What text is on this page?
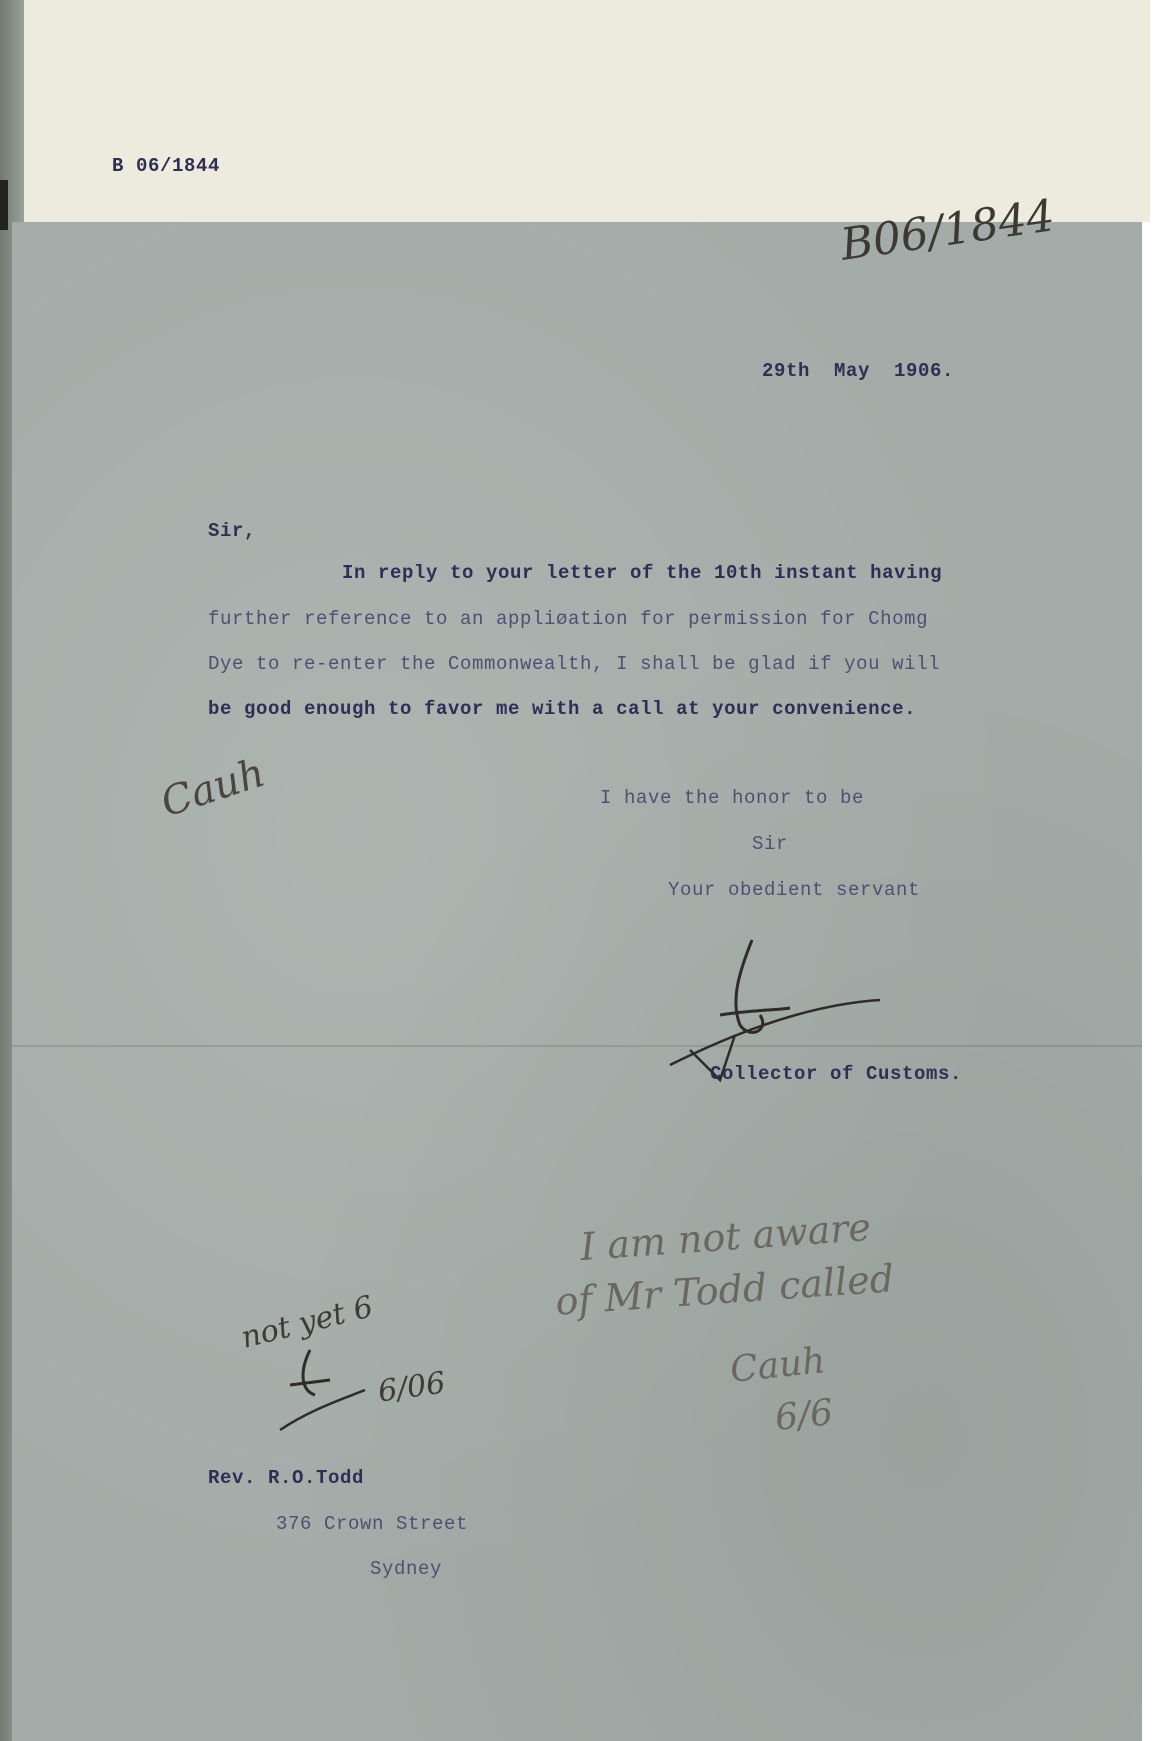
B 06/1844
B06/1844
29th  May  1906.
Sir,
In reply to your letter of the 10th instant having
further reference to an appliøation for permission for Chomg
Dye to re-enter the Commonwealth, I shall be glad if you will
be good enough to favor me with a call at your convenience.
Cauh	I have the honor to be
Sir
Your obedient servant
Collector of Customs.
I am not aware
of Mr Todd called
Cauh
6/6
not yet 6
6/06
Rev. R.O.Todd
376 Crown Street
Sydney
